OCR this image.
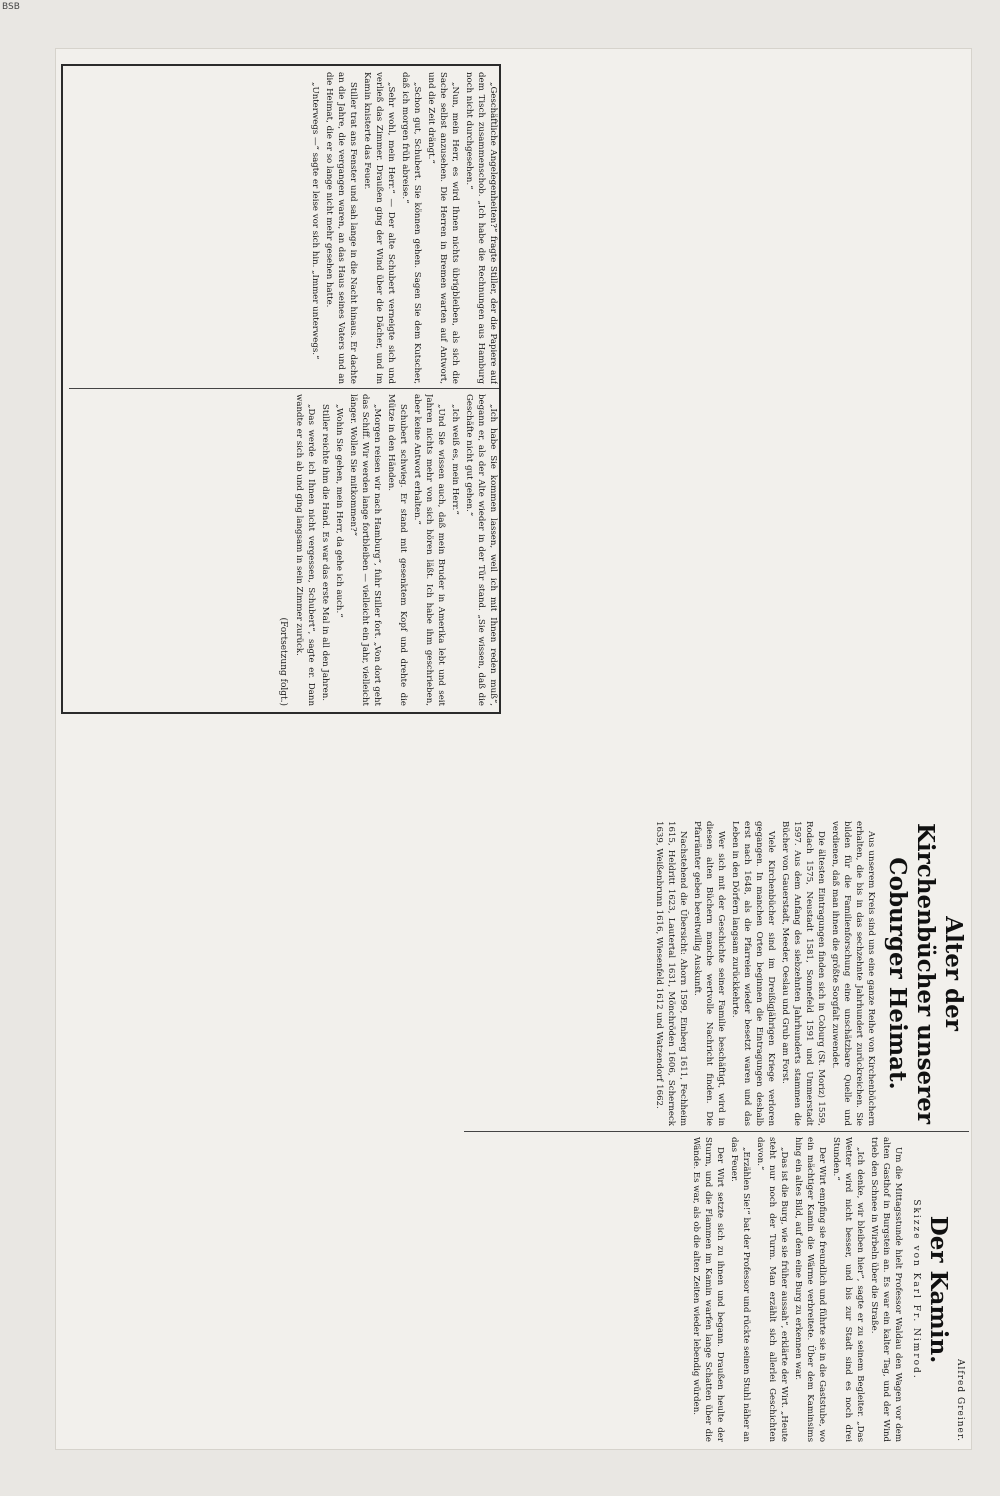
BSB

„Geschäftliche Angelegenheiten?“ fragte Stiller, der die Papiere auf dem Tisch zusammenschob. „Ich habe die Rechnungen aus Hamburg noch nicht durchgesehen.“

„Nun, mein Herr, es wird Ihnen nichts übrigbleiben, als sich die Sache selbst anzusehen. Die Herren in Bremen warten auf Antwort, und die Zeit drängt.“

„Schon gut, Schubert. Sie können gehen. Sagen Sie dem Kutscher, daß ich morgen früh abreise.“

„Sehr wohl, mein Herr.“ — Der alte Schubert verneigte sich und verließ das Zimmer. Draußen ging der Wind über die Dächer, und im Kamin knisterte das Feuer.

Stiller trat ans Fenster und sah lange in die Nacht hinaus. Er dachte an die Jahre, die vergangen waren, an das Haus seines Vaters und an die Heimat, die er so lange nicht mehr gesehen hatte.

„Unterwegs —“ sagte er leise vor sich hin. „Immer unterwegs.“

„Ich habe Sie kommen lassen, weil ich mit Ihnen reden muß“, begann er, als der Alte wieder in der Tür stand. „Sie wissen, daß die Geschäfte nicht gut gehen.“

„Ich weiß es, mein Herr.“

„Und Sie wissen auch, daß mein Bruder in Amerika lebt und seit Jahren nichts mehr von sich hören läßt. Ich habe ihm geschrieben, aber keine Antwort erhalten.“

Schubert schwieg. Er stand mit gesenktem Kopf und drehte die Mütze in den Händen.

„Morgen reisen wir nach Hamburg“, fuhr Stiller fort. „Von dort geht das Schiff. Wir werden lange fortbleiben — vielleicht ein Jahr, vielleicht länger. Wollen Sie mitkommen?“

„Wohin Sie gehen, mein Herr, da gehe ich auch.“

Stiller reichte ihm die Hand. Es war das erste Mal in all den Jahren.

„Das werde ich Ihnen nicht vergessen, Schubert“, sagte er. Dann wandte er sich ab und ging langsam in sein Zimmer zurück.

(Fortsetzung folgt.)
Alter der Kirchenbücher unserer Coburger Heimat.

Aus unserem Kreis sind uns eine ganze Reihe von Kirchenbüchern erhalten, die bis in das sechzehnte Jahrhundert zurückreichen. Sie bilden für die Familienforschung eine unschätzbare Quelle und verdienen, daß man ihnen die größte Sorgfalt zuwendet.

Die ältesten Eintragungen finden sich in Coburg (St. Moriz) 1559, Rodach 1575, Neustadt 1581, Sonnefeld 1591 und Ummerstadt 1597. Aus dem Anfang des siebzehnten Jahrhunderts stammen die Bücher von Gauerstadt, Meeder, Oeslau und Grub am Forst.

Viele Kirchenbücher sind im Dreißigjährigen Kriege verloren gegangen. In manchen Orten beginnen die Eintragungen deshalb erst nach 1648, als die Pfarreien wieder besetzt waren und das Leben in den Dörfern langsam zurückkehrte.

Wer sich mit der Geschichte seiner Familie beschäftigt, wird in diesen alten Büchern manche wertvolle Nachricht finden. Die Pfarrämter geben bereitwillig Auskunft.

Nachstehend die Übersicht: Ahorn 1599, Einberg 1611, Fechheim 1615, Heldritt 1623, Lautertal 1631, Mönchröden 1606, Scherneck 1639, Weißenbrunn 1616, Wiesenfeld 1612 und Watzendorf 1662.

Alfred Greiner.
Der Kamin.
Skizze von Karl Fr. Nimrod.

Um die Mittagsstunde hielt Professor Waldau den Wagen vor dem alten Gasthof in Burgstein an. Es war ein kalter Tag, und der Wind trieb den Schnee in Wirbeln über die Straße.

„Ich denke, wir bleiben hier“, sagte er zu seinem Begleiter. „Das Wetter wird nicht besser, und bis zur Stadt sind es noch drei Stunden.“

Der Wirt empfing sie freundlich und führte sie in die Gaststube, wo ein mächtiger Kamin die Wärme verbreitete. Über dem Kaminsims hing ein altes Bild, auf dem eine Burg zu erkennen war.

„Das ist die Burg, wie sie früher aussah“, erklärte der Wirt. „Heute steht nur noch der Turm. Man erzählt sich allerlei Geschichten davon.“

„Erzählen Sie!“ bat der Professor und rückte seinen Stuhl näher an das Feuer.

Der Wirt setzte sich zu ihnen und begann. Draußen heulte der Sturm, und die Flammen im Kamin warfen lange Schatten über die Wände. Es war, als ob die alten Zeiten wieder lebendig würden.
